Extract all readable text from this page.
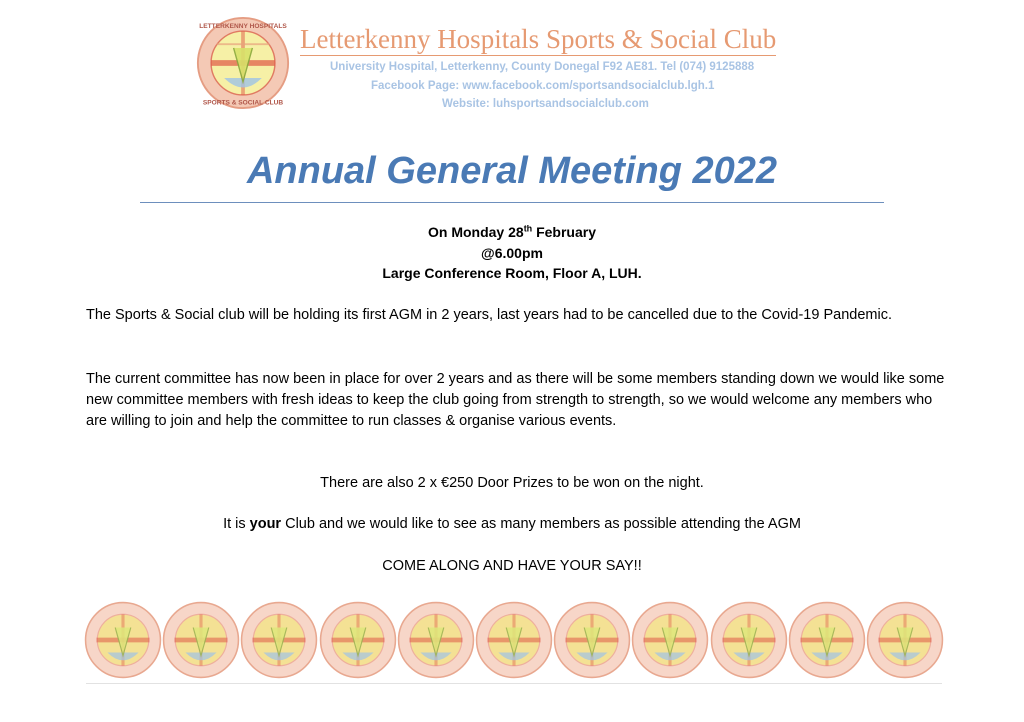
LETTERKENNY HOSPITALS
SPORTS & SOCIAL CLUB
Letterkenny Hospitals Sports & Social Club
University Hospital, Letterkenny, County Donegal F92 AE81. Tel (074) 9125888
Facebook Page: www.facebook.com/sportsandsocialclub.lgh.1
Website: luhsportsandsocialclub.com
Annual General Meeting 2022
On Monday 28th February
@6.00pm
Large Conference Room, Floor A, LUH.
The Sports & Social club will be holding its first AGM in 2 years, last years had to be cancelled due to the Covid-19 Pandemic.
The current committee has now been in place for over 2 years and as there will be some members standing down we would like some new committee members with fresh ideas to keep the club going from strength to strength, so we would welcome any members who are willing to join and help the committee to run classes & organise various events.
There are also 2 x €250 Door Prizes to be won on the night.
It is your Club and we would like to see as many members as possible attending the AGM
COME ALONG AND HAVE YOUR SAY!!
